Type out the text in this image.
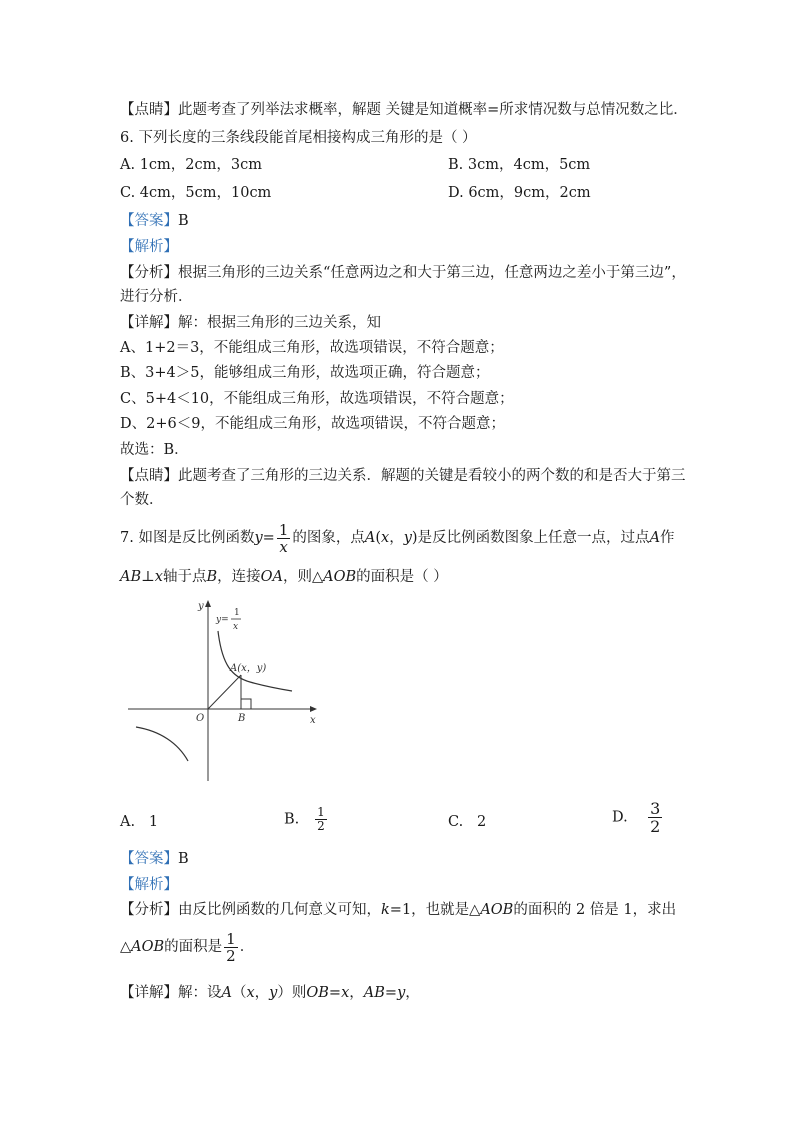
【点睛】此题考查了列举法求概率，解题 关键是知道概率=所求情况数与总情况数之比．
6. 下列长度的三条线段能首尾相接构成三角形的是（ ）
A. 1cm，2cm，3cm	B. 3cm，4cm，5cm
C. 4cm，5cm，10cm	D. 6cm，9cm，2cm
【答案】B
【解析】
【分析】根据三角形的三边关系“任意两边之和大于第三边，任意两边之差小于第三边”，
进行分析．
【详解】解：根据三角形的三边关系，知
A、1+2＝3，不能组成三角形，故选项错误，不符合题意；
B、3+4＞5，能够组成三角形，故选项正确，符合题意；
C、5+4＜10，不能组成三角形，故选项错误，不符合题意；
D、2+6＜9，不能组成三角形，故选项错误，不符合题意；
故选：B．
【点睛】此题考查了三角形的三边关系．解题的关键是看较小的两个数的和是否大于第三
个数．
7. 如图是反比例函数$y= \frac{1}{x}$ 的图象，点A(x，y)是反比例函数图象上任意一点，过点A作
AB⊥x轴于点B，连接OA，则△AOB的面积是（ ）
y
x
O
y=
1
x
A(x，y)
B
A. 1	B. $\frac{1}{2}$	C. 2	D. $\frac{3}{2}$
【答案】B
【解析】
【分析】由反比例函数的几何意义可知，k=1，也就是△AOB的面积的 2 倍是 1，求出
△AOB的面积是 $\frac{1}{2}$ ．
【详解】解：设A（x，y）则OB=x，AB=y，
